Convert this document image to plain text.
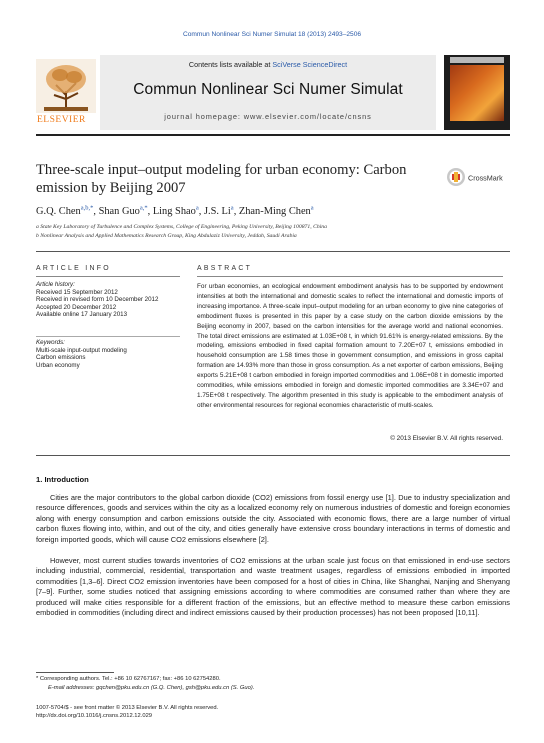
Commun Nonlinear Sci Numer Simulat 18 (2013) 2493–2506
ELSEVIER
Contents lists available at SciVerse ScienceDirect
Commun Nonlinear Sci Numer Simulat
journal homepage: www.elsevier.com/locate/cnsns
Three-scale input–output modeling for urban economy: Carbon
emission by Beijing 2007
CrossMark
G.Q. Chen$^{a,b,*}$, Shan Guo$^{a,*}$, Ling Shao$^a$, J.S. Li$^a$, Zhan-Ming Chen$^a$
a State Key Laboratory of Turbulence and Complex Systems, College of Engineering, Peking University, Beijing 100871, China
b Nonlinear Analysis and Applied Mathematics Research Group, King Abdulaziz University, Jeddah, Saudi Arabia
ARTICLE INFO	ABSTRACT
Article history:
Received 15 September 2012
Received in revised form 10 December 2012
Accepted 20 December 2012
Available online 17 January 2013
Keywords:
Multi-scale input-output modeling
Carbon emissions
Urban economy
For urban economies, an ecological endowment embodiment analysis has to be supported by endowment intensities at both the international and domestic scales to reflect the international and domestic imports of increasing importance. A three-scale input–output modeling for an urban economy to give nine categories of embodiment fluxes is presented in this paper by a case study on the carbon dioxide emissions by the Beijing economy in 2007, based on the carbon intensities for the average world and national economies. The total direct emissions are estimated at 1.03E+08 t, in which 91.61% is energy-related emissions. By the modeling, emissions embodied in fixed capital formation amount to 7.20E+07 t, emissions embodied in household consumption are 1.58 times those in government consumption, and emissions in gross capital formation are 14.93% more than those in gross consumption. As a net exporter of carbon emissions, Beijing exports 5.21E+08 t carbon embodied in foreign imported commodities and 1.06E+08 t in domestic imported commodities, while emissions embodied in foreign and domestic imported commodities are 3.34E+07 and 1.75E+08 t respectively. The algorithm presented in this study is applicable to the embodiment analysis of other environmental resources for regional economies characteristic of multi-scales.
© 2013 Elsevier B.V. All rights reserved.
1. Introduction
Cities are the major contributors to the global carbon dioxide (CO2) emissions from fossil energy use [1]. Due to industry specialization and resource differences, goods and services within the city as a localized economy rely on numerous industries of domestic and foreign economies along with energy consumption and carbon emissions outside the city. Associated with economic flows, there are a large number of virtual carbon fluxes flowing into, within, and out of the city, and cities generally have extensive cross boundary interactions in terms of domestic and foreign imported goods, which will cause CO2 emissions elsewhere [2].
However, most current studies towards inventories of CO2 emissions at the urban scale just focus on that emissioned in end-use sectors including industrial, commercial, residential, transportation and waste treatment usages, regardless of emissions embodied in imported commodities [1,3–6]. Direct CO2 emission inventories have been composed for a host of cities in China, like Shanghai, Nanjing and Shenyang [7–9]. Further, some studies noticed that assigning emissions according to where commodities are consumed rather than where they are produced will make cities responsible for a different fraction of the emissions, but an effective method to measure these carbon emissions embodied in commodities (including direct and indirect emissions caused by their production processes) has not been proposed [10,11].
* Corresponding authors. Tel.: +86 10 62767167; fax: +86 10 62754280.
E-mail addresses: gqchen@pku.edu.cn (G.Q. Chen), gsh@pku.edu.cn (S. Guo).
1007-5704/$ - see front matter © 2013 Elsevier B.V. All rights reserved.
http://dx.doi.org/10.1016/j.cnsns.2012.12.029
